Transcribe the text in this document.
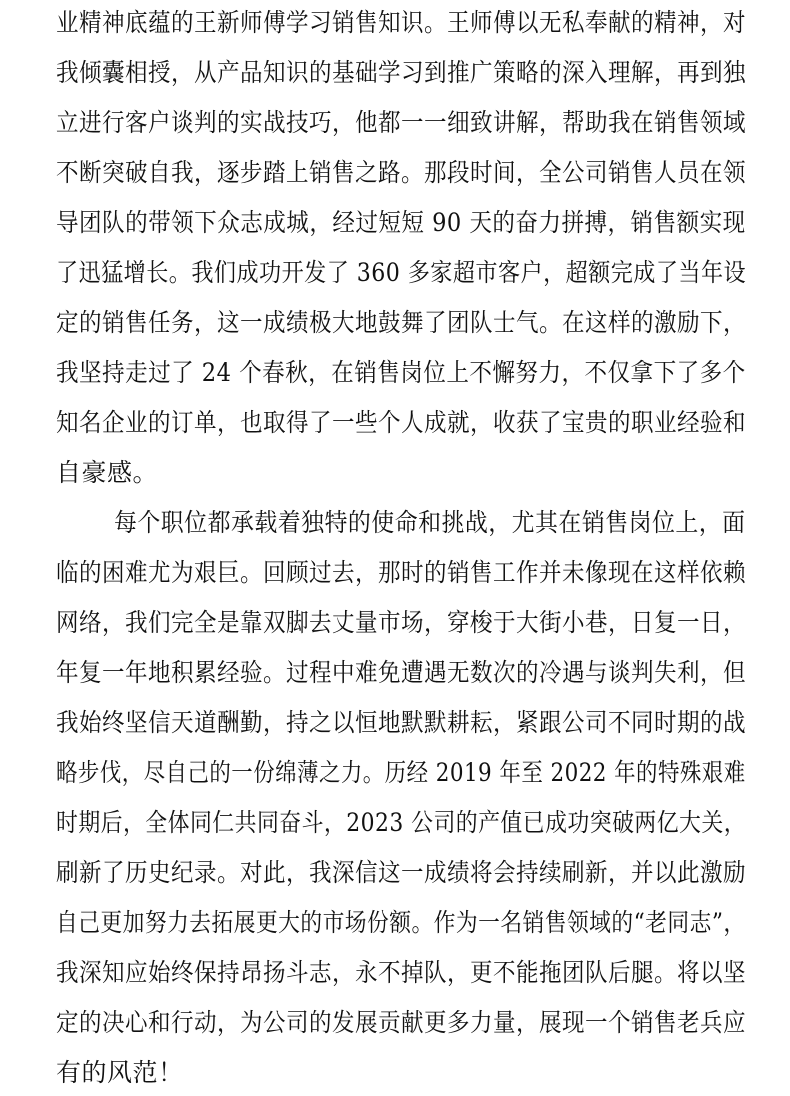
业精神底蕴的王新师傅学习销售知识。王师傅以无私奉献的精神，对
我倾囊相授，从产品知识的基础学习到推广策略的深入理解，再到独
立进行客户谈判的实战技巧，他都一一细致讲解，帮助我在销售领域
不断突破自我，逐步踏上销售之路。那段时间，全公司销售人员在领
导团队的带领下众志成城，经过短短 90 天的奋力拼搏，销售额实现
了迅猛增长。我们成功开发了 360 多家超市客户，超额完成了当年设
定的销售任务，这一成绩极大地鼓舞了团队士气。在这样的激励下，
我坚持走过了 24 个春秋，在销售岗位上不懈努力，不仅拿下了多个
知名企业的订单，也取得了一些个人成就，收获了宝贵的职业经验和
自豪感。
每个职位都承载着独特的使命和挑战，尤其在销售岗位上，面
临的困难尤为艰巨。回顾过去，那时的销售工作并未像现在这样依赖
网络，我们完全是靠双脚去丈量市场，穿梭于大街小巷，日复一日，
年复一年地积累经验。过程中难免遭遇无数次的冷遇与谈判失利，但
我始终坚信天道酬勤，持之以恒地默默耕耘，紧跟公司不同时期的战
略步伐，尽自己的一份绵薄之力。历经 2019 年至 2022 年的特殊艰难
时期后，全体同仁共同奋斗，2023 公司的产值已成功突破两亿大关，
刷新了历史纪录。对此，我深信这一成绩将会持续刷新，并以此激励
自己更加努力去拓展更大的市场份额。作为一名销售领域的“老同志”，
我深知应始终保持昂扬斗志，永不掉队，更不能拖团队后腿。将以坚
定的决心和行动，为公司的发展贡献更多力量，展现一个销售老兵应
有的风范！
